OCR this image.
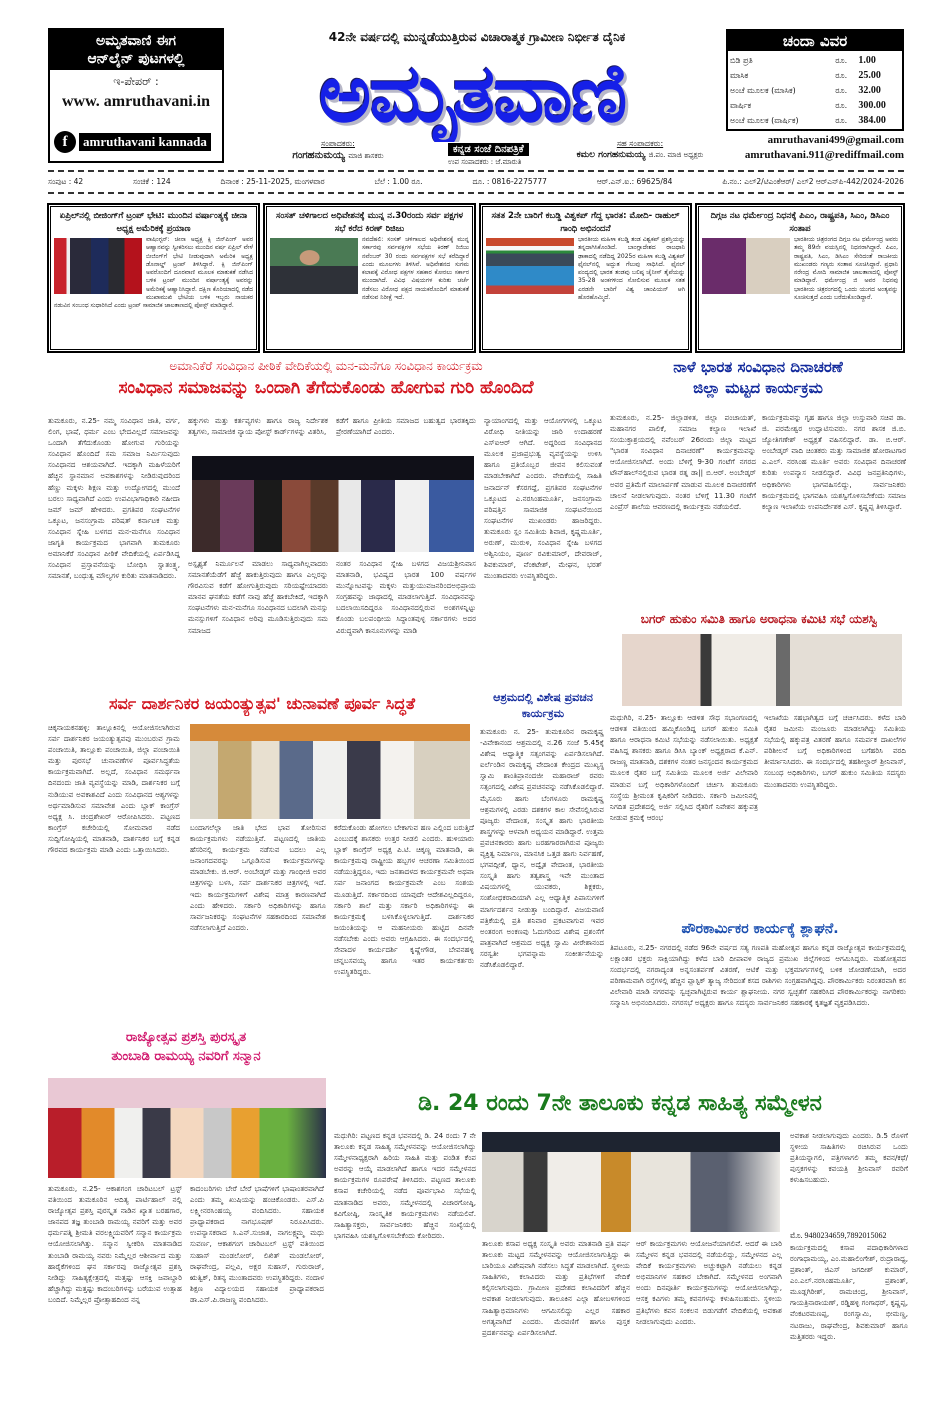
ಅಮೃತವಾಣಿ ಈಗ
ಆನ್‌ಲೈನ್ ಪುಟಗಳಲ್ಲಿ
ಇ-ಪೇಪರ್ :
www. amruthavani.in
f	amruthavani kannada
42ನೇ ವರ್ಷದಲ್ಲಿ ಮುನ್ನಡೆಯುತ್ತಿರುವ ವಿಚಾರಾತ್ಮಕ ಗ್ರಾಮೀಣ ನಿರ್ಭೀತ ದೈನಿಕ
ಅಮೃತವಾಣಿ
ಸಂಪಾದಕರು:
ಗಂಗಹನುಮಯ್ಯ ಮಾಜಿ ಶಾಸಕರು
ಕನ್ನಡ ಸಂಜೆ ದಿನಪತ್ರಿಕೆ
ಉಪ ಸಂಪಾದಕರು : ಜೆ.ಮಾರುತಿ
ಸಹ ಸಂಪಾದಕರು:
ಕಮಲ ಗಂಗಹನುಮಯ್ಯ ಜಿ.ಪಂ. ಮಾಜಿ ಅಧ್ಯಕ್ಷರು
ಚಂದಾ ವಿವರ
ಬಿಡಿ ಪ್ರತಿ	ರೂ.	1.00
ಮಾಸಿಕ	ರೂ.	25.00
ಅಂಚೆ ಮೂಲಕ (ಮಾಸಿಕ)	ರೂ.	32.00
ವಾರ್ಷಿಕ	ರೂ.	300.00
ಅಂಚೆ ಮೂಲಕ (ವಾರ್ಷಿಕ)	ರೂ.	384.00
amruthavani499@gmail.com
amruthavani.911@rediffmail.com
ಸಂಪುಟ : 42	ಸಂಚಿಕೆ : 124	ದಿನಾಂಕ : 25-11-2025, ಮಂಗಳವಾರ	ಬೆಲೆ : 1.00 ರೂ.	ದೂ. : 0816-2275777	ಆರ್.ಎನ್.ಐ.: 69625/84	ಪಿ.ನಂ.: ಎಲ್2/ಟಿಎಂಕೆಆರ್/ ಎಲ್2 ಆರ್‌ಎನ್‌ಪಿ-442/2024-2026
ಏಪ್ರಿಲ್‌ನಲ್ಲಿ ಬೀಜಿಂಗ್‌ಗೆ ಟ್ರಂಪ್ ಭೇಟಿ: ಮುಂದಿನ ವರ್ಷಾಂತ್ಯಕ್ಕೆ ಚೀನಾ ಅಧ್ಯಕ್ಷ ಅಮೆರಿಕಕ್ಕೆ ಪ್ರಯಾಣ

ವಾಷಿಂಗ್ಟನ್: ಚೀನಾ ಅಧ್ಯಕ್ಷ ಕ್ಸಿ ಜಿನ್‌ಪಿಂಗ್ ಅವರ ಆಹ್ವಾನವನ್ನು ಸ್ವೀಕರಿಸಲು ಮುಂದಿನ ವರ್ಷ ಏಪ್ರಿಲ್ ವೇಳೆ ಬೀಜಿಂಗ್‌ಗೆ ಭೇಟಿ ನೀಡುವುದಾಗಿ ಅಮೆರಿಕ ಅಧ್ಯಕ್ಷ ಡೊನಾಲ್ಡ್ ಟ್ರಂಪ್ ತಿಳಿಸಿದ್ದಾರೆ. ಕ್ಸಿ ಜಿನ್‌ಪಿಂಗ್ ಅವರೊಂದಿಗೆ ದೂರವಾಣಿ ಮೂಲಕ ಮಾತುಕತೆ ನಡೆಸಿದ ಬಳಿಕ ಟ್ರಂಪ್ ಮುಂದಿನ ವರ್ಷಾಂತ್ಯಕ್ಕೆ ಅವರನ್ನು ಅಮೆರಿಕಕ್ಕೆ ಆಹ್ವಾನಿಸಿದ್ದಾರೆ. ದಕ್ಷಿಣ ಕೊರಿಯಾದಲ್ಲಿ ನಡೆದ ಮುಖಾಮುಖಿ ಭೇಟಿಯ ಬಳಿಕ ಇಬ್ಬರು ನಾಯಕರ ನಡುವಿನ ಸಂಬಂಧ ಸುಧಾರಿಸಿದೆ ಎಂದು ಟ್ರಂಪ್ ಸಾಮಾಜಿಕ ಜಾಲತಾಣದಲ್ಲಿ ಪೋಸ್ಟ್ ಮಾಡಿದ್ದಾರೆ.

ಸಂಸತ್ ಚಳಿಗಾಲದ ಅಧಿವೇಶನಕ್ಕೆ ಮುನ್ನ ನ.30ರಂದು ಸರ್ವ ಪಕ್ಷಗಳ ಸಭೆ ಕರೆದ ಕಿರಣ್ ರಿಜಿಜು

ನವದೆಹಲಿ: ಸಂಸತ್ ಚಳಿಗಾಲದ ಅಧಿವೇಶನಕ್ಕೆ ಮುನ್ನ ಸರ್ಕಾರವು ಸರ್ವಪಕ್ಷಗಳ ಸಭೆಯ ಕಿರಣ್ ರಿಜಿಜು ನವೆಂಬರ್ 30 ರಂದು ಸರ್ವಪಕ್ಷಗಳ ಸಭೆ ಕರೆದಿದ್ದಾರೆ ಎಂದು ಮೂಲಗಳು ತಿಳಿಸಿವೆ. ಅಧಿವೇಶನದ ಸುಗಮ ಕಲಾಪಕ್ಕೆ ವಿರೋಧ ಪಕ್ಷಗಳ ಸಹಕಾರ ಕೋರಲು ಸರ್ಕಾರ ಮುಂದಾಗಿದೆ. ವಿವಿಧ ವಿಷಯಗಳ ಕುರಿತು ಚರ್ಚೆ ನಡೆಸಲು ವಿರೋಧ ಪಕ್ಷದ ನಾಯಕರೊಂದಿಗೆ ಮಾತುಕತೆ ನಡೆಸುವ ನಿರೀಕ್ಷೆ ಇದೆ.

ಸತತ 2ನೇ ಬಾರಿಗೆ ಕಬಡ್ಡಿ ವಿಶ್ವಕಪ್ ಗೆದ್ದ ಭಾರತ: ಮೋದಿ- ರಾಹುಲ್ ಗಾಂಧಿ ಅಭಿನಂದನೆ

ಭಾರತೀಯ ಮಹಿಳಾ ಕಬಡ್ಡಿ ತಂಡ ವಿಶ್ವಕಪ್ ಪ್ರಶಸ್ತಿಯನ್ನು ತನ್ನದಾಗಿಸಿಕೊಂಡಿದೆ. ಬಾಂಗ್ಲಾದೇಶದ ರಾಜಧಾನಿ ಢಾಕಾದಲ್ಲಿ ನಡೆದಿದ್ದ 2025ರ ಮಹಿಳಾ ಕಬಡ್ಡಿ ವಿಶ್ವಕಪ್ ಫೈನಲ್‌ನಲ್ಲಿ ಅದ್ಭುತ ಗೆಲುವು ಸಾಧಿಸಿದೆ. ಫೈನಲ್ ಪಂದ್ಯದಲ್ಲಿ ಭಾರತ ತಂಡವು ಬಲಿಷ್ಠ ಚೈನೀಸ್ ತೈಪೆಯನ್ನು 35-28 ಅಂಕಗಳಿಂದ ಸೋಲಿಸುವ ಮೂಲಕ ಸತತ ಎರಡನೇ ಬಾರಿಗೆ ವಿಶ್ವ ಚಾಂಪಿಯನ್ ಆಗಿ ಹೊರಹೊಮ್ಮಿದೆ.

ದಿಗ್ಗಜ ನಟ ಧರ್ಮೇಂದ್ರ ನಿಧನಕ್ಕೆ ಪಿಎಂ, ರಾಷ್ಟ್ರಪತಿ, ಸಿಎಂ, ಡಿಸಿಎಂ ಸಂತಾಪ

ಭಾರತೀಯ ಚಿತ್ರರಂಗದ ದಿಗ್ಗಜ ನಟ ಧರ್ಮೇಂದ್ರ ಅವರು ತಮ್ಮ 89ನೇ ವಯಸ್ಸಿನಲ್ಲಿ ನಿಧನರಾಗಿದ್ದಾರೆ. ಪಿಎಂ, ರಾಷ್ಟ್ರಪತಿ, ಸಿಎಂ, ಡಿಸಿಎಂ ಸೇರಿದಂತೆ ರಾಜಕೀಯ ಮುಖಂಡರು ಗಣ್ಯರು ಸಂತಾಪ ಸೂಚಿಸಿದ್ದಾರೆ. ಪ್ರಧಾನಿ ನರೇಂದ್ರ ಮೋದಿ ಸಾಮಾಜಿಕ ಜಾಲತಾಣದಲ್ಲಿ ಪೋಸ್ಟ್ ಮಾಡಿದ್ದಾರೆ. ಧರ್ಮೇಂದ್ರ ಜಿ ಅವರ ನಿಧನವು ಭಾರತೀಯ ಚಿತ್ರರಂಗದಲ್ಲಿ ಒಂದು ಯುಗದ ಅಂತ್ಯವನ್ನು ಸೂಚಿಸುತ್ತದೆ ಎಂದು ಬರೆದುಕೊಂಡಿದ್ದಾರೆ.

ಅಮಾನಿಕೆರೆ ಸಂವಿಧಾನ ಪೀಠಿಕೆ ವೇದಿಕೆಯಲ್ಲಿ ಮನ-ಮನೆಗೂ ಸಂವಿಧಾನ ಕಾರ್ಯಕ್ರಮ
ಸಂವಿಧಾನ ಸಮಾಜವನ್ನು ಒಂದಾಗಿ ತೆಗೆದುಕೊಂಡು ಹೋಗುವ ಗುರಿ ಹೊಂದಿದೆ
ತುಮಕೂರು, ನ.25- ನಮ್ಮ ಸಂವಿಧಾನ ಜಾತಿ, ವರ್ಗ, ಲಿಂಗ, ಭಾಷೆ, ಧರ್ಮ ಎಂಬ ಭೇದವಿಲ್ಲದೆ ಸಮಾಜವನ್ನು ಒಂದಾಗಿ ತೆಗೆದುಕೊಂಡು ಹೋಗುವ ಗುರಿಯನ್ನು ಸಂವಿಧಾನ ಹೊಂದಿದೆ ಸಮ ಸಮಾಜ ನಿರ್ಮಿಸುವುದು ಸಂವಿಧಾನದ ಆಶಯವಾಗಿದೆ. ಇದಕ್ಕಾಗಿ ಮಹಿಳೆಯರಿಗೆ ಹೆಚ್ಚಿನ ಸ್ಥಾನಮಾನ ಅವಕಾಶಗಳನ್ನು ನೀಡಿರುವುದರಿಂದ ಹೆಣ್ಣು ಮಕ್ಕಳು ಶಿಕ್ಷಣ ಮತ್ತು ಉದ್ಯೋಗದಲ್ಲಿ ಮುಂದೆ ಬರಲು ಸಾಧ್ಯವಾಗಿದೆ ಎಂದು ಉಪವಿಭಾಗಾಧಿಕಾರಿ ನಹೀದಾ ಜಮ್ ಜಮ್ ಹೇಳಿದರು. ಪ್ರಗತಿಪರ ಸಂಘಟನೆಗಳ ಒಕ್ಕೂಟ, ಜನಸಂಗ್ರಾಮ ಪರಿಷತ್ ಕರ್ನಾಟಕ ಮತ್ತು ಸಂವಿಧಾನ ಸ್ನೇಹಿ ಬಳಗದ ಮನ-ಮನೆಗೂ ಸಂವಿಧಾನ ಜಾಗೃತಿ ಕಾರ್ಯಕ್ರಮದ ಭಾಗವಾಗಿ ತುಮಕೂರು ಅಮಾನಿಕೆರೆ ಸಂವಿಧಾನ ಪೀಠಿಕೆ ವೇದಿಕೆಯಲ್ಲಿ ಏರ್ಪಡಿಸಿದ್ದ ಸಂವಿಧಾನ ಪ್ರಸ್ತಾವನೆಯನ್ನು ಬೋಧಿಸಿ ಸ್ವಾತಂತ್ರ್ಯ, ಸಮಾನತೆ, ಬಂಧುತ್ವ ಮೌಲ್ಯಗಳ ಕುರಿತು ಮಾತನಾಡಿದರು.
ಹಕ್ಕುಗಳು ಮತ್ತು ಕರ್ತವ್ಯಗಳು ಹಾಗೂ ರಾಜ್ಯ ನಿರ್ದೇಶಕ ತತ್ವಗಳು, ಸಾಮಾಜಿಕ ನ್ಯಾಯ ಪೋಸ್ಟ್ ಕಾರ್ಡ್‌ಗಳನ್ನು ವಿತರಿಸಿ,
ಕಡೆಗೆ ಹಾಗೂ ಪ್ರೀತಿಯ ಸಮಾಜದ ಬಹುತ್ವದ ಭಾರತಕ್ಕಿದು ಪ್ರೇರಣೆಯಾಗಿದೆ ಎಂದರು.
ಅಸ್ಪೃಶ್ಯತೆ ನಿರ್ಮೂಲನೆ ಮಾಡಲು ಸಾಧ್ಯವಾಗಿಲ್ಲವಾದರು ಸಮಾನತೆಯೆಡೆಗೆ ಹೆಜ್ಜೆ ಹಾಕುತ್ತಿರುವುದು ಹಾಗೂ ಎಲ್ಲರನ್ನು ಗೌರವಿಸುವ ಕಡೆಗೆ ಹೋಗುತ್ತಿರುವುದು ಸರಿಯಷ್ಟೇಯಾದರು ಮಾನವ ಘನತೆಯ ಕಡೆಗೆ ನಾವು ಹೆಜ್ಜೆ ಹಾಕಬೇಕಿದೆ, ಇದಕ್ಕಾಗಿ ಸಂಘಟನೆಗಳು ಮನ-ಮನೆಗೂ ಸಂವಿಧಾನದ ಬದಲಾಗಿ ಮನಸ್ಸು ಮನಸ್ಸುಗಳಿಗೆ ಸಂವಿಧಾನ ಅರಿವು ಮೂಡಿಸುತ್ತಿರುವುದು ಸಮ ಸಮಾಜದ
ನಂತರ ಸಂವಿಧಾನ ಸ್ನೇಹಿ ಬಳಗದ ವಿಜಯಶ್ರೀನಿವಾಸ ಮಾತನಾಡಿ, ಭವಿಷ್ಯದ ಭಾರತ 100 ವರ್ಷಗಳ ಮುನ್ನೋಟವನ್ನು ಮಕ್ಕಳು ಮತ್ತುಯುವಜನರಿಂದಅಭಿಪ್ರಾಯ ಸಂಗ್ರಹವನ್ನು ಜಾಥಾದಲ್ಲಿ ಮಾಡಲಾಗುತ್ತಿದೆ. ಸಂವಿಧಾನವನ್ನು ಬದಲಾಯಿಸದಿದ್ದರೂ ಸಂವಿಧಾನದಲ್ಲಿರುವ ಅಂಶಗಳನ್ನಿಟ್ಟು ಕೊಂಡು ಬಲಪಂಥೀಯ ಸಿದ್ಧಾಂತವುಳ್ಳ ಸರ್ಕಾರಗಳು ಅದರ ವಿರುದ್ಧವಾಗಿ ಕಾನೂನುಗಳನ್ನು ಮಾಡಿ
ನ್ಯಾಯಾಂಗದಲ್ಲಿ ಮತ್ತು ಆಯೋಗಗಳಲ್ಲಿ ಒಕ್ಕೂಟ ವಿರೋಧಿ ನೀತಿಯನ್ನು ಜಾರಿ ಉದಾಹರಣೆ ಎಸ್‌ಐಆರ್ ಆಗಿದೆ. ಅದ್ದರಿಂದ ಸಂವಿಧಾನದ ಮೂಲಕ ಪ್ರಜಾಪ್ರಭುತ್ವ ವ್ಯವಸ್ಥೆಯನ್ನು ಉಳಿಸಿ ಹಾಗೂ ಪ್ರತಿಯೊಬ್ಬರ ಜೀವನ ಕಲಿಸುವಂತೆ ಮಾಡಬೇಕಾಗಿದೆ ಎಂದರು. ವೇದಿಕೆಯಲ್ಲಿ ಸಾಹಿತಿ ಜನಾರ್ದನ್ ಕೆಸರಗದ್ದೆ, ಪ್ರಗತಿಪರ ಸಂಘಟನೆಗಳ ಒಕ್ಕೂಟದ ಎ.ನರಸಿಂಹಮೂರ್ತಿ, ಜನಸಂಗ್ರಾಮ ಪರಿಷತ್ತಿನ ಸಾಮಾಜಿಕ ಸಂಘಟನೆಯಿಂದ ಸಂಘಟನೆಗಳ ಮುಖಂಡರು ಹಾಜರಿದ್ದರು. ತುಮಕೂರು ಸ್ಲಂ ಸಮಿತಿಯ ಶಿವಾಜಿ, ಕೃಷ್ಣಮೂರ್ತಿ, ಅರುಣ್, ಮುರುಳಿ, ಸಂವಿಧಾನ ಸ್ನೇಹಿ ಬಳಗದ ಅಶ್ವಿನಿಯಂ, ಪೂರ್ಣ ರವಿಕುಮಾರ್, ದೇವರಾಜ್, ಶಿವಕುಮಾರ್, ವೆಂಕಟೇಶ್, ಮೇಘನ, ಭರತ್ ಮುಂತಾದವರು ಉಪಸ್ಥಿತರಿದ್ದರು.
ನಾಳೆ ಭಾರತ ಸಂವಿಧಾನ ದಿನಾಚರಣೆ
ಜಿಲ್ಲಾ ಮಟ್ಟದ ಕಾರ್ಯಕ್ರಮ
ತುಮಕೂರು, ನ.25- ಜಿಲ್ಲಾಡಳಿತ, ಜಿಲ್ಲಾ ಪಂಚಾಯತ್, ಮಹಾನಗರ ಪಾಲಿಕೆ, ಸಮಾಜ ಕಲ್ಯಾಣ ಇಲಾಖೆ ಸಂಯುಕ್ತಾಶ್ರಯದಲ್ಲಿ ನವೆಂಬರ್ 26ರಂದು ಜಿಲ್ಲಾ ಮಟ್ಟದ "ಭಾರತ ಸಂವಿಧಾನ ದಿನಾಚರಣೆ" ಕಾರ್ಯಕ್ರಮವನ್ನು ಆಯೋಜಿಸಲಾಗಿದೆ. ಅಂದು ಬೆಳಿಗ್ಗೆ 9-30 ಗಂಟೆಗೆ ನಗರದ ಟೌನ್‌ಹಾಲ್‌ನಲ್ಲಿರುವ ಭಾರತ ರತ್ನ ಡಾ|| ಬಿ.ಆರ್. ಅಂಬೇಡ್ಕರ್ ಅವರ ಪ್ರತಿಮೆಗೆ ಮಾಲಾರ್ಪಣೆ ಮಾಡುವ ಮೂಲಕ ದಿನಾಚರಣೆಗೆ ಚಾಲನೆ ನೀಡಲಾಗುವುದು. ನಂತರ ಬೆಳಿಗ್ಗೆ 11.30 ಗಂಟೆಗೆ ಎಂಪ್ರೆಸ್ ಶಾಲೆಯ ಆವರಣದಲ್ಲಿ ಕಾರ್ಯಕ್ರಮ ನಡೆಯಲಿದೆ.
ಕಾರ್ಯಕ್ರಮವನ್ನು ಗೃಹ ಹಾಗೂ ಜಿಲ್ಲಾ ಉಸ್ತುವಾರಿ ಸಚಿವ ಡಾ. ಜಿ. ಪರಮೇಶ್ವರ ಉದ್ಘಾಟಿಸುವರು. ನಗರ ಶಾಸಕ ಜಿ.ಬಿ. ಜ್ಯೋತಿಗಣೇಶ್ ಅಧ್ಯಕ್ಷತೆ ವಹಿಸಲಿದ್ದಾರೆ. ಡಾ. ಬಿ.ಆರ್. ಅಂಬೇಡ್ಕರ್ ವಾದಿ ಚಿಂತಕರು ಮತ್ತು ಸಾಮಾಜಿಕ ಹೋರಾಟಗಾರ ಎ.ಎಲ್. ನರಸಿಂಹ ಮೂರ್ತಿ ಅವರು ಸಂವಿಧಾನ ದಿನಾಚರಣೆ ಕುರಿತು ಉಪನ್ಯಾಸ ನೀಡಲಿದ್ದಾರೆ. ವಿವಿಧ ಜನಪ್ರತಿನಿಧಿಗಳು, ಅಧಿಕಾರಿಗಳು ಭಾಗವಹಿಸಲಿದ್ದು, ಸಾರ್ವಜನಿಕರು ಕಾರ್ಯಕ್ರಮದಲ್ಲಿ ಭಾಗವಹಿಸಿ ಯಶಸ್ವಿಗೊಳಿಸಬೇಕೆಂದು ಸಮಾಜ ಕಲ್ಯಾಣ ಇಲಾಖೆಯ ಉಪನಿರ್ದೇಶಕ ಎಸ್. ಕೃಷ್ಣಪ್ಪ ತಿಳಿಸಿದ್ದಾರೆ.
ಬಗರ್ ಹುಕುಂ ಸಮಿತಿ ಹಾಗೂ ಅರಾಧನಾ ಕಮಿಟಿ ಸಭೆ ಯಶಸ್ವಿ
ಮಧುಗಿರಿ, ನ.25- ತಾಲ್ಲೂಕು ಆಡಳಿತ ಸೌಧ ಸಭಾಂಗಣದಲ್ಲಿ ಆಡಳಿತ ವತಿಯಿಂದ ಹಮ್ಮಿಕೊಂಡಿದ್ದ ಬಗರ್ ಹುಕುಂ ಸಮಿತಿ ಹಾಗೂ ಆರಾಧನಾ ಕಮಿಟಿ ಸಭೆಯನ್ನು ನಡೆಸಲಾಯಿತು. ಅಧ್ಯಕ್ಷತೆ ವಹಿಸಿದ್ದ ಶಾಸಕರು ಹಾಗೂ ಡಿಸಿಸಿ ಬ್ಯಾಂಕ್ ಅಧ್ಯಕ್ಷರಾದ ಕೆ.ಎನ್. ರಾಜಣ್ಣ ಮಾತನಾಡಿ, ದಶಕಗಳ ನಂತರ ಜನಸ್ಪಂದನ ಕಾರ್ಯಕ್ರಮದ ಮೂಲಕ ರೈತರ ಬಗ್ಗೆ ಸಮಿತಿಯ ಮೂಲಕ ಅರ್ಜಿ ವಿಲೇವಾರಿ ಮಾಡುವ ಬಗ್ಗೆ ಅಧಿಕಾರಿಗಳೊಂದಿಗೆ ಚರ್ಚಿಸಿ ತುಮಕೂರು ಸಂಸ್ಥೆಯ ಶ್ರೀಮಂತ ಕೃಷಿಕರಿಗೆ ನೀಡಿದರು. ಸರ್ಕಾರಿ ಜಮೀನಿನಲ್ಲಿ ನಿಗದಿತ ಪ್ರದೇಶದಲ್ಲಿ ಅರ್ಜಿ ಸಲ್ಲಿಸಿದ ರೈತರಿಗೆ ನಿವೇಶನ ಹಕ್ಕುಪತ್ರ ನೀಡುವ ಕ್ರಮಕ್ಕೆ ಆರಂಭ
ಇಲಾಖೆಯ ಸಹಭಾಗಿತ್ವದ ಬಗ್ಗೆ ಚರ್ಚಿಸಿದರು. ಕಳೆದ ಬಾರಿ ರೈತರ ಜಮೀನು ಮಂಜೂರು ಮಾಡಲಾಗಿದ್ದು ಸಮಿತಿಯ ಸಭೆಯಲ್ಲಿ ಹಕ್ಕುಪತ್ರ ವಿತರಣೆ ಹಾಗೂ ಸಮರ್ಪಕ ದಾಖಲೆಗಳ ಪರಿಶೀಲನೆ ಬಗ್ಗೆ ಅಧಿಕಾರಿಗಳಿಂದ ಬಗೆಹರಿಸಿ ವರದಿ ತೀರ್ಮಾನಿಸಿದರು. ಈ ಸಂದರ್ಭದಲ್ಲಿ ತಹಶೀಲ್ದಾರ್ ಶ್ರೀನಿವಾಸ್, ಸಂಬಂಧ ಅಧಿಕಾರಿಗಳು, ಬಗರ್ ಹುಕುಂ ಸಮಿತಿಯ ಸದಸ್ಯರು ಮುಂತಾದವರು ಉಪಸ್ಥಿತರಿದ್ದರು.
ಪೌರಕಾರ್ಮಿಕರ ಕಾರ್ಯಕ್ಕೆ ಶ್ಲಾಘನೆ.
ತಿಪಟೂರು, ನ.25- ನಗರದಲ್ಲಿ ನಡೆದ 96ನೇ ವರ್ಷದ ಸತ್ಯ ಗಣಪತಿ ಮಹೋತ್ಸವ ಹಾಗೂ ಕನ್ನಡ ರಾಜ್ಯೋತ್ಸವ ಕಾರ್ಯಕ್ರಮದಲ್ಲಿ ಲಕ್ಷಾಂತರ ಭಕ್ತರು ಸಾಕ್ಷಿಯಾಗಿದ್ದು ಕಳೆದ ಬಾರಿ ದೀಪಾವಳಿ ರಾಜ್ಯದ ಪ್ರಮುಖ ಜಿಲ್ಲೆಗಳಿಂದ ಆಗಮಿಸಿದ್ದರು. ಮಹೋತ್ಸವದ ಸಂದರ್ಭದಲ್ಲಿ ನಗರಾದ್ಯಂತ ಅನ್ನಸಂತರ್ಪಣೆ ವಿತರಣೆ, ಆಟಿಕೆ ಮತ್ತು ಭಕ್ತಮಾರ್ಗಗಳಲ್ಲಿ ಬಳಿಕ ಜೋಡಣೆಯಾಗಿ, ಅದರ ಪರಿಣಾಮವಾಗಿ ರಸ್ತೆಗಳಲ್ಲಿ ಹೆಚ್ಚಿನ ಪ್ಲಾಸ್ಟಿಕ್ ತ್ಯಾಜ್ಯ ಸೇರಿದಂತೆ ಕಸದ ರಾಶಿಗಳು ಸಂಗ್ರಹವಾಗಿದ್ದವು. ಪೌರಕಾರ್ಮಿಕರು ನಿರಂತರವಾಗಿ ಕಸ ವಿಲೇವಾರಿ ಮಾಡಿ ನಗರವನ್ನು ಸ್ವಚ್ಛವಾಗಿಟ್ಟಿರುವ ಕಾರ್ಯ ಶ್ಲಾಘನೀಯ. ನಗರ ಸ್ವಚ್ಛತೆಗೆ ಸಹಕರಿಸಿದ ಪೌರಕಾರ್ಮಿಕರನ್ನು ನಾಗರಿಕರು ಸನ್ಮಾನಿಸಿ ಅಭಿನಂದಿಸಿದರು. ನಗರಸಭೆ ಅಧ್ಯಕ್ಷರು ಹಾಗೂ ಸದಸ್ಯರು ಸಾರ್ವಜನಿಕರ ಸಹಕಾರಕ್ಕೆ ಕೃತಜ್ಞತೆ ವ್ಯಕ್ತಪಡಿಸಿದರು.
ಸರ್ವ ದಾರ್ಶನಿಕರ ಜಯಂತ್ಯುತ್ಸವ' ಚುನಾವಣೆ ಪೂರ್ವ ಸಿದ್ಧತೆ
ಚಿಕ್ಕನಾಯಕನಹಳ್ಳಿ: ತಾಲ್ಲೂಕಿನಲ್ಲಿ ಆಯೋಜಿಸಲಾಗಿರುವ ಸರ್ವ ದಾರ್ಶನಿಕರ ಜಯಂತ್ಯುತ್ಸವವು ಮುಂಬರುವ ಗ್ರಾಮ ಪಂಚಾಯಿತಿ, ತಾಲ್ಲೂಕು ಪಂಚಾಯಿತಿ, ಜಿಲ್ಲಾ ಪಂಚಾಯಿತಿ ಮತ್ತು ಪುರಸಭೆ ಚುನಾವಣೆಗಳ ಪೂರ್ವಸಿದ್ಧತೆಯ ಕಾರ್ಯಕ್ರಮವಾಗಿದೆ. ಅಲ್ಲದೆ, ಸಂವಿಧಾನ ಸಮರ್ಥನಾ ದಿನದಂದು ಜಾತಿ ವ್ಯವಸ್ಥೆಯನ್ನು ಮಾಡಿ, ದಾರ್ಶನಿಕರ ಬಗ್ಗೆ ನುಡಿಯುವ ಅವಕಾಶವಿದೆ ಎಂದು ಸಂವಿಧಾನದ ಆಶ್ಯಗಳನ್ನು ಅರ್ಥಮಾಡಿಸುವ ಸಮಾವೇಶ ಎಂದು ಬ್ಲಾಕ್ ಕಾಂಗ್ರೆಸ್ ಅಧ್ಯಕ್ಷ ಸಿ. ಚಂದ್ರಶೇಖರ್ ಆರೋಪಿಸಿದರು. ಪಟ್ಟಣದ ಕಾಂಗ್ರೆಸ್ ಕಚೇರಿಯಲ್ಲಿ ಸೋಮವಾರ ನಡೆದ ಸುದ್ದಿಗೋಷ್ಠಿಯಲ್ಲಿ ಮಾತನಾಡಿ, ದಾರ್ಶನಿಕರ ಬಗ್ಗೆ ಕನ್ನಡ ಗೌರವದ ಕಾರ್ಯಕ್ರಮ ಮಾಡಿ ಎಂದು ಒತ್ತಾಯಿಸಿದರು.
ಬಂದಾಗಲೆಲ್ಲಾ ಜಾತಿ ಭೇದ ಭಾವ ತೋರಿಸುವ ಕಾರ್ಯಕ್ರಮಗಳು ನಡೆಯುತ್ತಿವೆ. ಪಟ್ಟಣದಲ್ಲಿ ಜಾತಿಯ ಹೆಸರಿನಲ್ಲಿ ಕಾರ್ಯಕ್ರಮ ನಡೆಸುವ ಬದಲು ಎಲ್ಲ ಜನಾಂಗದವರನ್ನು ಒಗ್ಗೂಡಿಸುವ ಕಾರ್ಯಕ್ರಮಗಳನ್ನು ಮಾಡಬೇಕು. ಜಿ.ಆರ್. ಅಂಬೇಡ್ಕರ್ ಮತ್ತು ಗಾಂಧೀಜಿ ಅವರ ಚಿತ್ರಗಳನ್ನು ಬಳಸಿ, ಸರ್ವ ದಾರ್ಶನಿಕರ ಚಿತ್ರಗಳಲ್ಲಿ ಇದೆ. ಇದು ಕಾರ್ಯಕ್ರಮಗಳಿಗೆ ವಿಶೇಷ ಮಾತ್ರ ಕಾರಣವಾಗಿದೆ ಎಂದು ಹೇಳಿದರು. ಸರ್ಕಾರಿ ಅಧಿಕಾರಿಗಳನ್ನು ಹಾಗೂ ಸಾರ್ವಜನಿಕರನ್ನು ಸಂಘಟನೆಗಳ ಸಹಕಾರದಿಂದ ಸಮಾವೇಶ ನಡೆಸಲಾಗುತ್ತಿದೆ ಎಂದರು.
ಕರೆದುಕೊಂಡು ಹೋಗಲು ಬೇಕಾಗುವ ಹಣ ಎಲ್ಲಿಂದ ಬರುತ್ತಿದೆ ಎಂಬುದಕ್ಕೆ ಶಾಸಕರು ಉತ್ತರ ನೀಡಲಿ ಎಂದರು. ಹುಳಿಯಾರು ಬ್ಲಾಕ್ ಕಾಂಗ್ರೆಸ್ ಅಧ್ಯಕ್ಷ ಪಿ.ಟಿ. ಚಿಕ್ಕಣ್ಣ ಮಾತನಾಡಿ, ಈ ಕಾರ್ಯಕ್ರಮವು ರಾಷ್ಟ್ರೀಯ ಹಬ್ಬಗಳ ಆಚರಣಾ ಸಮಿತಿಯಿಂದ ನಡೆಯುತ್ತಿದ್ದರೂ, ಇದು ಜನತಾದಳದ ಕಾರ್ಯಕ್ರಮವೇ ಅಥವಾ ಸರ್ವ ಜನಾಂಗದ ಕಾರ್ಯಕ್ರಮವೇ ಎಂಬ ಸಂಶಯ ಮೂಡುತ್ತಿದೆ. ಸರ್ಕಾರದಿಂದ ಯಾವುದೇ ಆದೇಶವಿಲ್ಲದಿದ್ದರೂ, ಸರ್ಕಾರಿ ಶಾಲೆ ಮತ್ತು ಸರ್ಕಾರಿ ಅಧಿಕಾರಿಗಳನ್ನು ಈ ಕಾರ್ಯಕ್ರಮಕ್ಕೆ ಬಳಸಿಕೊಳ್ಳಲಾಗುತ್ತಿದೆ. ದಾರ್ಶನಿಕರ ಜಯಂತಿಯನ್ನು ಆ ಮಹನೀಯರು ಹುಟ್ಟಿದ ದಿನವೇ ನಡೆಸಬೇಕು ಎಂದು ಅವರು ಆಗ್ರಹಿಸಿದರು. ಈ ಸಂದರ್ಭದಲ್ಲಿ ಸೇವಾದಳ ಕಾರ್ಯದರ್ಶಿ ಕೃಷ್ಣೇಗೌಡ, ಬೇವನಹಳ್ಳಿ ಚನ್ನಬಸವಯ್ಯ ಹಾಗೂ ಇತರ ಕಾರ್ಯಕರ್ತರು ಉಪಸ್ಥಿತರಿದ್ದರು.
ಆಶ್ರಮದಲ್ಲಿ ವಿಶೇಷ ಪ್ರವಚನ
ಕಾರ್ಯಕ್ರಮ
ತುಮಕೂರು ನ. 25- ತುಮಕೂರಿನ ರಾಮಕೃಷ್ಣ -ವಿವೇಕಾನಂದ ಆಶ್ರಮದಲ್ಲಿ ನ.26 ಸಂಜೆ 5.45ಕ್ಕೆ ವಿಶೇಷ ಆಧ್ಯಾತ್ಮಿಕ ಸತ್ಸಂಗವನ್ನು ಏರ್ಪಡಿಸಲಾಗಿದೆ. ಐರ್ಲೆಂಡಿನ ರಾಮಕೃಷ್ಣ ವೇದಾಂತ ಕೇಂದ್ರದ ಮುಖ್ಯಸ್ಥ ಸ್ವಾಮಿ ಶಾಂತಿಪ್ರಾನಂದಜೀ ಮಹಾರಾಜ್ ರವರು ಸತ್ಸಂಗದಲ್ಲಿ ವಿಶೇಷ ಪ್ರವಚನವನ್ನು ನಡೆಸಿಕೊಡಲಿದ್ದಾರೆ. ಮೈಸೂರು ಹಾಗು ಬೆಂಗಳೂರು ರಾಮಕೃಷ್ಣ ಆಶ್ರಮಗಳಲ್ಲಿ ಎರಡು ದಶಕಗಳ ಕಾಲ ಸೇವೆಸಲ್ಲಿಸಿರುವ ಪೂಜ್ಯರು ವೇದಾಂತ, ಸಂಸ್ಕೃತ ಹಾಗು ಭಾರತೀಯ ಶಾಸ್ತ್ರಗಳನ್ನು ಆಳವಾಗಿ ಅಧ್ಯಯನ ಮಾಡಿದ್ದಾರೆ. ಉತ್ತಮ ಪ್ರವಚನಕಾರರು ಹಾಗು ಬರಹಗಾರರಾಗಿರುವ ಪೂಜ್ಯರು ವ್ಯಕ್ತಿತ್ವ ನಿರ್ಮಾಣ, ಮಾನಸಿಕ ಒತ್ತಡ ಹಾಗು ನಿರ್ವಹಣೆ, ಭಗವದ್ಗೀತೆ, ಧ್ಯಾನ, ಅದ್ವೈತ ವೇದಾಂತ, ಭಾರತೀಯ ಸಂಸ್ಕೃತಿ ಹಾಗು ತತ್ವಶಾಸ್ತ್ರ ಇವೇ ಮುಂತಾದ ವಿಷಯಗಳಲ್ಲಿ ಯುವಕರು, ಶಿಕ್ಷಕರು, ಸಂಶೋಧಕರಾದಿಯಾಗಿ ಎಲ್ಲ ಆಧ್ಯಾತ್ಮಿಕ ಪಿಪಾಸುಗಳಿಗೆ ಮಾರ್ಗದರ್ಶನ ನೀಡುತ್ತಾ ಬಂದಿದ್ದಾರೆ. ವಿಜಯವಾಣಿ ಪತ್ರಿಕೆಯಲ್ಲಿ ಪ್ರತಿ ಶನಿವಾರ ಪ್ರಕಟವಾಗುವ ಇವರ ಅಂತರಂಗ ಅಂಕಣವು ಓದುಗರಿಂದ ವಿಶೇಷ ಪ್ರಶಂಸೆಗೆ ಪಾತ್ರವಾಗಿದೆ ಆಶ್ರಮದ ಅಧ್ಯಕ್ಷ ಸ್ವಾಮಿ ವೀರೇಶಾನಂದ ಸರಸ್ವತೀ ಭಗವನ್ನಾಮ ಸಂಕೀರ್ತನೆಯನ್ನು ನಡೆಸಿಕೊಡಲಿದ್ದಾರೆ.
ರಾಜ್ಯೋತ್ಸವ ಪ್ರಶಸ್ತಿ ಪುರಸ್ಕೃತ
ತುಂಬಾಡಿ ರಾಮಯ್ಯ ನವರಿಗೆ ಸನ್ಮಾನ
ತುಮಕೂರು, ನ.25- ಆಕಾಶಗಂಗ ಚಾರಿಟಬಲ್ ಟ್ರಸ್ಟ್ ವತಿಯಿಂದ ತುಮಕೂರಿನ ಆದಿತ್ಯ ಪಾರ್ಟಿಹಾಲ್ ನಲ್ಲಿ ರಾಜ್ಯೋತ್ಸವ ಪ್ರಶಸ್ತಿ ಪುರಸ್ಕೃತ ನಾಡಿನ ಖ್ಯಾತ ಬರಹಗಾರ, ಜಾನಪದ ತಜ್ಞ ತುಂಬಾಡಿ ರಾಮಯ್ಯ ನವರಿಗೆ ಮತ್ತು ಅವರ ಧರ್ಮಪತ್ನಿ ಶ್ರೀಮತಿ ವರಲಕ್ಷ್ಮಿಯವರಿಗೆ ಸನ್ಮಾನ ಕಾರ್ಯಕ್ರಮ ಆಯೋಜಿಸಲಾಗಿತ್ತು. ಸನ್ಮಾನ ಸ್ವೀಕರಿಸಿ ಮಾತನಾಡಿದ ತುಂಬಾಡಿ ರಾಮಯ್ಯ ನವರು ನಿಮ್ಮೆಲ್ಲರ ಆಶೀರ್ವಾದ ಮತ್ತು ಹಾರೈಕೆಗಳಿಂದ ಘನ ಸರ್ಕಾರವು ರಾಜ್ಯೋತ್ಸವ ಪ್ರಶಸ್ತಿ ನೀಡಿದ್ದು ಸಾಹಿತ್ಯಕ್ಷೇತ್ರದಲ್ಲಿ ಮತ್ತಷ್ಟು ಆಸಕ್ತಿ ಜವಾಬ್ದಾರಿ ಹೆಚ್ಚಾಗಿದ್ದು ಮತ್ತಷ್ಟು ಕಾದಂಬರಿಗಳನ್ನು ಬರೆಯುವ ಉತ್ಸಾಹ ಬಂದಿದೆ. ನಿಮ್ಮೆಲ್ಲರ ಪ್ರೋತ್ಸಾಹದಿಂದ ನನ್ನ
ಕಾದಂಬರಿಗಳು ಬೇರೆ ಬೇರೆ ಭಾಷೆಗಳಿಗೆ ಭಾಷಾಂತರವಾಗಿದೆ ಎಂದು ತಮ್ಮ ಖುಷಿಯನ್ನು ಹಂಚಿಕೊಂಡರು. ಎಸ್.ಪಿ ಲಕ್ಷ್ಮೀನರಸಿಂಹಯ್ಯ ವಂದಿಸಿದರು. ಸಹಾಯಕ ಪ್ರಾಧ್ಯಾಪಕರಾದ ನಾಗಭೂಷಣ್ ನಿರೂಪಿಸಿದರು. ಉಪನ್ಯಾಸಕರಾದ ಸಿ.ಎನ್.ಸುಜಾತ, ನಾಗಲಕ್ಷ್ಮಮ್ಮ ಮಧು ಸುವರ್ಣ, ಆಕಾಶಗಂಗ ಚಾರಿಟಬಲ್ ಟ್ರಸ್ಟ್ ವತಿಯಿಂದ ಸುಹಾಸ್ ಮಂಡಲೋರ್, ಲಿಖಿತ್ ಮಂಡಲೋರ್, ರಾಘವೇಂದ್ರ, ಪಲ್ಲವಿ, ಅಕ್ಷರ ಸುಹಾಸ್, ಗುರುರಾಜ್, ಋತ್ವಿಕ್, ರಿತನ್ಯ ಮುಂತಾದವರು ಉಪಸ್ಥಿತರಿದ್ದರು. ನಂದಾಳ ಶಿಕ್ಷಣ ವಿದ್ಯಾಲಯದ ಸಹಾಯಕ ಪ್ರಾಧ್ಯಾಪಕರಾದ ಡಾ.ಎಸ್.ಪಿ.ರಾಜಣ್ಣ ವಂದಿಸಿದರು.
ಡಿ. 24 ರಂದು 7ನೇ ತಾಲೂಕು ಕನ್ನಡ ಸಾಹಿತ್ಯ ಸಮ್ಮೇಳನ
ಮಧುಗಿರಿ: ಪಟ್ಟಣದ ಕನ್ನಡ ಭವನದಲ್ಲಿ ಡಿ. 24 ರಂದು 7 ನೇ ತಾಲೂಕು ಕನ್ನಡ ಸಾಹಿತ್ಯ ಸಮ್ಮೇಳನವನ್ನು ಆಯೋಜಿಸಲಾಗಿದ್ದು ಸಮ್ಮೇಳನಾಧ್ಯಕ್ಷರಾಗಿ ಹಿರಿಯ ಸಾಹಿತಿ ಮತ್ತು ಪಂಡಿತ ಕೆಂಪ ಅವರನ್ನು ಆಯ್ಕೆ ಮಾಡಲಾಗಿದೆ ಹಾಗೂ ಇದರ ಸಮ್ಮೇಳನದ ಕಾರ್ಯಕ್ರಮಗಳ ರೂಪರೇಷೆ ತಿಳಿಸಿದರು. ಪಟ್ಟಣದ ತಾಲೂಕು ಕಸಾಪ ಕಚೇರಿಯಲ್ಲಿ ನಡೆದ ಪೂರ್ವಭಾವಿ ಸಭೆಯಲ್ಲಿ ಮಾತನಾಡಿದ ಅವರು, ಸಮ್ಮೇಳನದಲ್ಲಿ ವಿಚಾರಗೋಷ್ಠಿ, ಕವಿಗೋಷ್ಠಿ, ಸಾಂಸ್ಕೃತಿಕ ಕಾರ್ಯಕ್ರಮಗಳು ನಡೆಯಲಿವೆ. ಸಾಹಿತ್ಯಾಸಕ್ತರು, ಸಾರ್ವಜನಿಕರು ಹೆಚ್ಚಿನ ಸಂಖ್ಯೆಯಲ್ಲಿ ಭಾಗವಹಿಸಿ ಯಶಸ್ವಿಗೊಳಿಸಬೇಕೆಂದು ಕೋರಿದರು.
ತಾಲೂಕು ಕಸಾಪ ಅಧ್ಯಕ್ಷ ಸಂಸ್ಕೃತಿ ಅವರು ಮಾತನಾಡಿ ಪ್ರತಿ ವರ್ಷ ತಾಲೂಕು ಮಟ್ಟದ ಸಮ್ಮೇಳನವನ್ನು ಆಯೋಜಿಸಲಾಗುತ್ತಿದ್ದು ಈ ಬಾರಿಯೂ ವಿಶೇಷವಾಗಿ ನಡೆಸಲು ಸಿದ್ಧತೆ ಮಾಡಲಾಗಿದೆ. ಸ್ಥಳೀಯ ಸಾಹಿತಿಗಳು, ಕಲಾವಿದರು ಮತ್ತು ಪ್ರತಿಭೆಗಳಿಗೆ ವೇದಿಕೆ ಕಲ್ಪಿಸಲಾಗುವುದು. ಗ್ರಾಮೀಣ ಪ್ರದೇಶದ ಕಲಾವಿದರಿಗೆ ಹೆಚ್ಚಿನ ಅವಕಾಶ ನೀಡಲಾಗುವುದು. ತಾಲೂಕಿನ ಎಲ್ಲಾ ಹೋಬಳಿಗಳಿಂದ ಸಾಹಿತ್ಯಾಭಿಮಾನಿಗಳು ಆಗಮಿಸಲಿದ್ದು ಎಲ್ಲರ ಸಹಕಾರ ಅಗತ್ಯವಾಗಿದೆ ಎಂದರು. ಮೆರವಣಿಗೆ ಹಾಗೂ ಪುಸ್ತಕ ಪ್ರದರ್ಶನವನ್ನು ಏರ್ಪಡಿಸಲಾಗಿದೆ.
ಆರ್ ಕಾರ್ಯಕ್ರಮಗಳು ಆಯೋಜನೆಯಾಗಲಿವೆ. ಆದರೆ ಈ ಬಾರಿ ಸಮ್ಮೇಳನ ಕನ್ನಡ ಭವನದಲ್ಲಿ ನಡೆಯಲಿದ್ದು, ಸಮ್ಮೇಳನದ ಎಲ್ಲ ವೇದಿಕೆ ಕಾರ್ಯಕ್ರಮಗಳು ಅಚ್ಚುಕಟ್ಟಾಗಿ ನಡೆಯಲು ಕನ್ನಡ ಅಭಿಮಾನಿಗಳ ಸಹಕಾರ ಬೇಕಾಗಿದೆ. ಸಮ್ಮೇಳನದ ಅಂಗವಾಗಿ ಅಂದು ದಿನಪೂರ್ತಿ ಕಾರ್ಯಕ್ರಮಗಳನ್ನು ಆಯೋಜಿಸಲಾಗಿದ್ದು, ಆಸಕ್ತ ಕವಿಗಳು ತಮ್ಮ ಕವನಗಳನ್ನು ಕಳುಹಿಸಬಹುದು. ಸ್ಥಳೀಯ ಪ್ರತಿಭೆಗಳು ಕವನ ಸಂಕಲನ ಬಿಡುಗಡೆಗೆ ವೇದಿಕೆಯಲ್ಲಿ ಅವಕಾಶ ನೀಡಲಾಗುವುದು ಎಂದರು.
ಅವಕಾಶ ನೀಡಲಾಗುವುದು ಎಂದರು. ಡಿ.5 ರೊಳಗೆ ಸ್ಥಳೀಯ ಸಾಹಿತಿಗಳು ರಚಿಸಿರುವ ಒಂದು ಪ್ರತಿಯನ್ನಾಗಲಿ, ಪತ್ರಿಗಳಾಗಲಿ ತಮ್ಮ ಕವನ/ಕಥೆ/ಪುಸ್ತಕಗಳನ್ನು ಕವಯತ್ರಿ ಶ್ರೀನಿವಾಸ್ ರವರಿಗೆ ಕಳುಹಿಸಬಹುದು.
ಮೊ. 9480234659,7892015062
ಕಾರ್ಯಕ್ರಮದಲ್ಲಿ ಕಸಾಪ ಪದಾಧಿಕಾರಿಗಳಾದ ರಂಗಾಧಾಮಯ್ಯ, ಎಂ.ಮಹಾಲಿಂಗೇಶ್, ರುದ್ರಾರಾಧ್ಯ, ಪ್ರಶಾಂತ್, ಜಿಎಸ್ ಜಗದೀಶ್ ಕುಮಾರ್, ಎಂ.ಎಲ್.ನರಸಿಂಹಮೂರ್ತಿ, ಪ್ರಶಾಂತ್, ಮೂಡ್ಲಗಿರೀಶ್, ರಾಮಚಂದ್ರ, ಶ್ರೀನಿವಾಸ್, ಗಾಯತ್ರಿನಾರಾಯಣ್, ರಡ್ಡಿಹಳ್ಳಿ ಗಂಗಾಧರ್, ಕೃಷ್ಣಪ್ಪ, ವೆಂಕಟರಮಣಪ್ಪ, ರಂಗಸ್ವಾಮಿ, ಭೀಮಣ್ಣ, ನಟರಾಜು, ರಾಘವೇಂದ್ರ, ಶಿವಕುಮಾರ್ ಹಾಗೂ ಮತ್ತಿತರರು ಇದ್ದರು.
